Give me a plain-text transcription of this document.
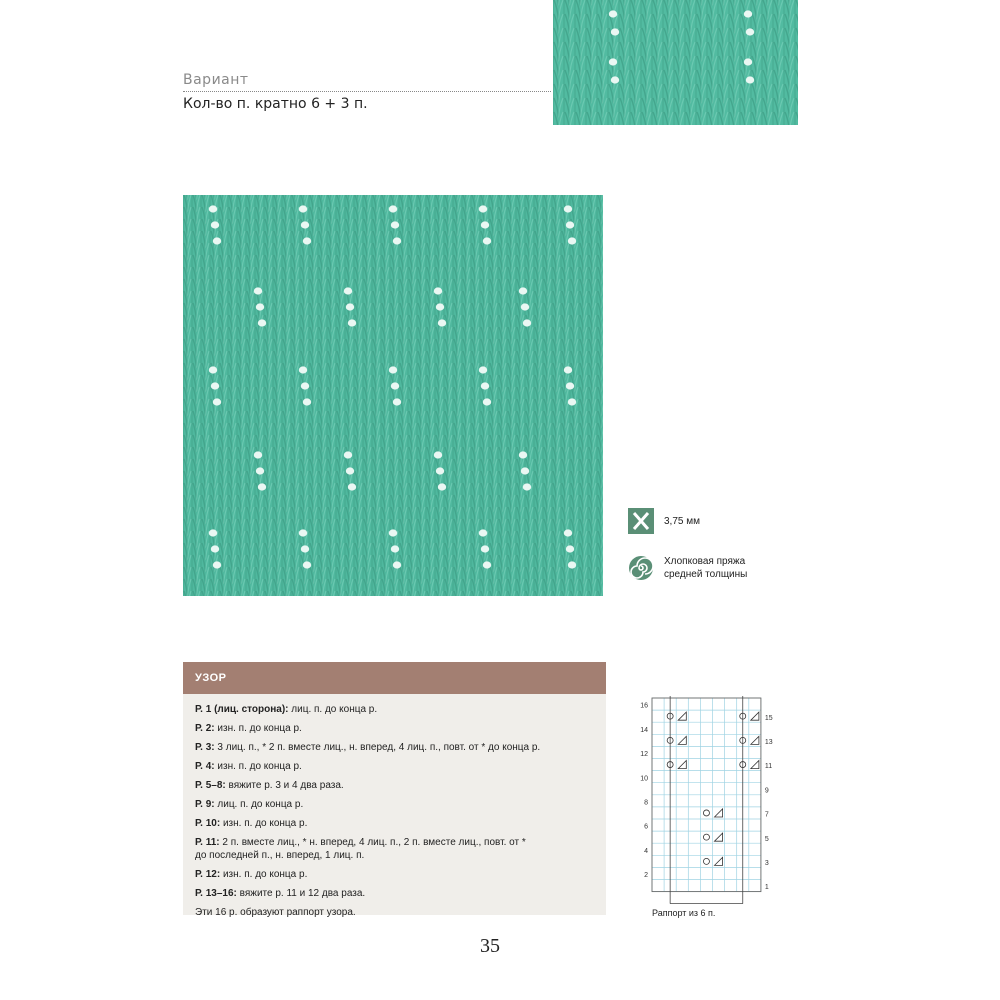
Вариант
Кол-во п. кратно 6 + 3 п.
3,75 мм
Хлопковая пряжа
средней толщины
УЗОР

Р. 1 (лиц. сторона): лиц. п. до конца р.

Р. 2: изн. п. до конца р.

Р. 3: 3 лиц. п., * 2 п. вместе лиц., н. вперед, 4 лиц. п., повт. от * до конца р.

Р. 4: изн. п. до конца р.

Р. 5–8: вяжите р. 3 и 4 два раза.

Р. 9: лиц. п. до конца р.

Р. 10: изн. п. до конца р.

Р. 11: 2 п. вместе лиц., * н. вперед, 4 лиц. п., 2 п. вместе лиц., повт. от *
до последней п., н. вперед, 1 лиц. п.

Р. 12: изн. п. до конца р.

Р. 13–16: вяжите р. 11 и 12 два раза.

Эти 16 р. образуют раппорт узора.

16
14
12
10
8
6
4
2
15
13
11
9
7
5
3
1
Раппорт из 6 п.
35
